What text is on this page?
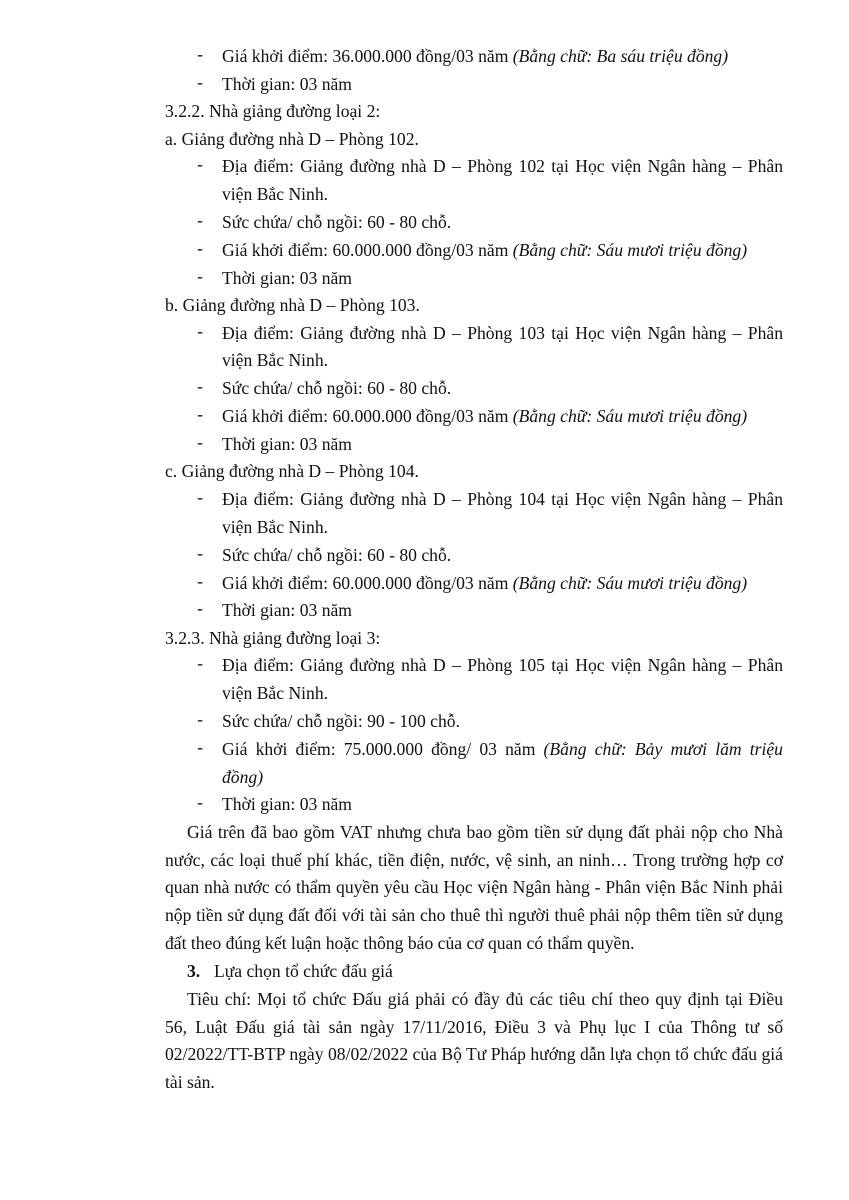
- Giá khởi điểm: 36.000.000 đồng/03 năm (Bằng chữ: Ba sáu triệu đồng)
- Thời gian: 03 năm
3.2.2. Nhà giảng đường loại 2:
a. Giảng đường nhà D – Phòng 102.
- Địa điểm: Giảng đường nhà D – Phòng 102 tại Học viện Ngân hàng – Phân
viện Bắc Ninh.
- Sức chứa/ chỗ ngồi: 60 - 80 chỗ.
- Giá khởi điểm: 60.000.000 đồng/03 năm (Bằng chữ: Sáu mươi triệu đồng)
- Thời gian: 03 năm
b. Giảng đường nhà D – Phòng 103.
- Địa điểm: Giảng đường nhà D – Phòng 103 tại Học viện Ngân hàng – Phân
viện Bắc Ninh.
- Sức chứa/ chỗ ngồi: 60 - 80 chỗ.
- Giá khởi điểm: 60.000.000 đồng/03 năm (Bằng chữ: Sáu mươi triệu đồng)
- Thời gian: 03 năm
c. Giảng đường nhà D – Phòng 104.
- Địa điểm: Giảng đường nhà D – Phòng 104 tại Học viện Ngân hàng – Phân
viện Bắc Ninh.
- Sức chứa/ chỗ ngồi: 60 - 80 chỗ.
- Giá khởi điểm: 60.000.000 đồng/03 năm (Bằng chữ: Sáu mươi triệu đồng)
- Thời gian: 03 năm
3.2.3. Nhà giảng đường loại 3:
- Địa điểm: Giảng đường nhà D – Phòng 105 tại Học viện Ngân hàng – Phân
viện Bắc Ninh.
- Sức chứa/ chỗ ngồi: 90 - 100 chỗ.
- Giá khởi điểm: 75.000.000 đồng/ 03 năm (Bằng chữ: Bảy mươi lăm triệu
đồng)
- Thời gian: 03 năm
Giá trên đã bao gồm VAT nhưng chưa bao gồm tiền sử dụng đất phải nộp cho Nhà
nước, các loại thuế phí khác, tiền điện, nước, vệ sinh, an ninh… Trong trường hợp cơ
quan nhà nước có thẩm quyền yêu cầu Học viện Ngân hàng - Phân viện Bắc Ninh phải
nộp tiền sử dụng đất đối với tài sản cho thuê thì người thuê phải nộp thêm tiền sử dụng
đất theo đúng kết luận hoặc thông báo của cơ quan có thẩm quyền.
3. Lựa chọn tổ chức đấu giá
Tiêu chí: Mọi tổ chức Đấu giá phải có đầy đủ các tiêu chí theo quy định tại Điều
56, Luật Đấu giá tài sản ngày 17/11/2016, Điều 3 và Phụ lục I của Thông tư số
02/2022/TT-BTP ngày 08/02/2022 của Bộ Tư Pháp hướng dẫn lựa chọn tổ chức đấu giá
tài sản.
